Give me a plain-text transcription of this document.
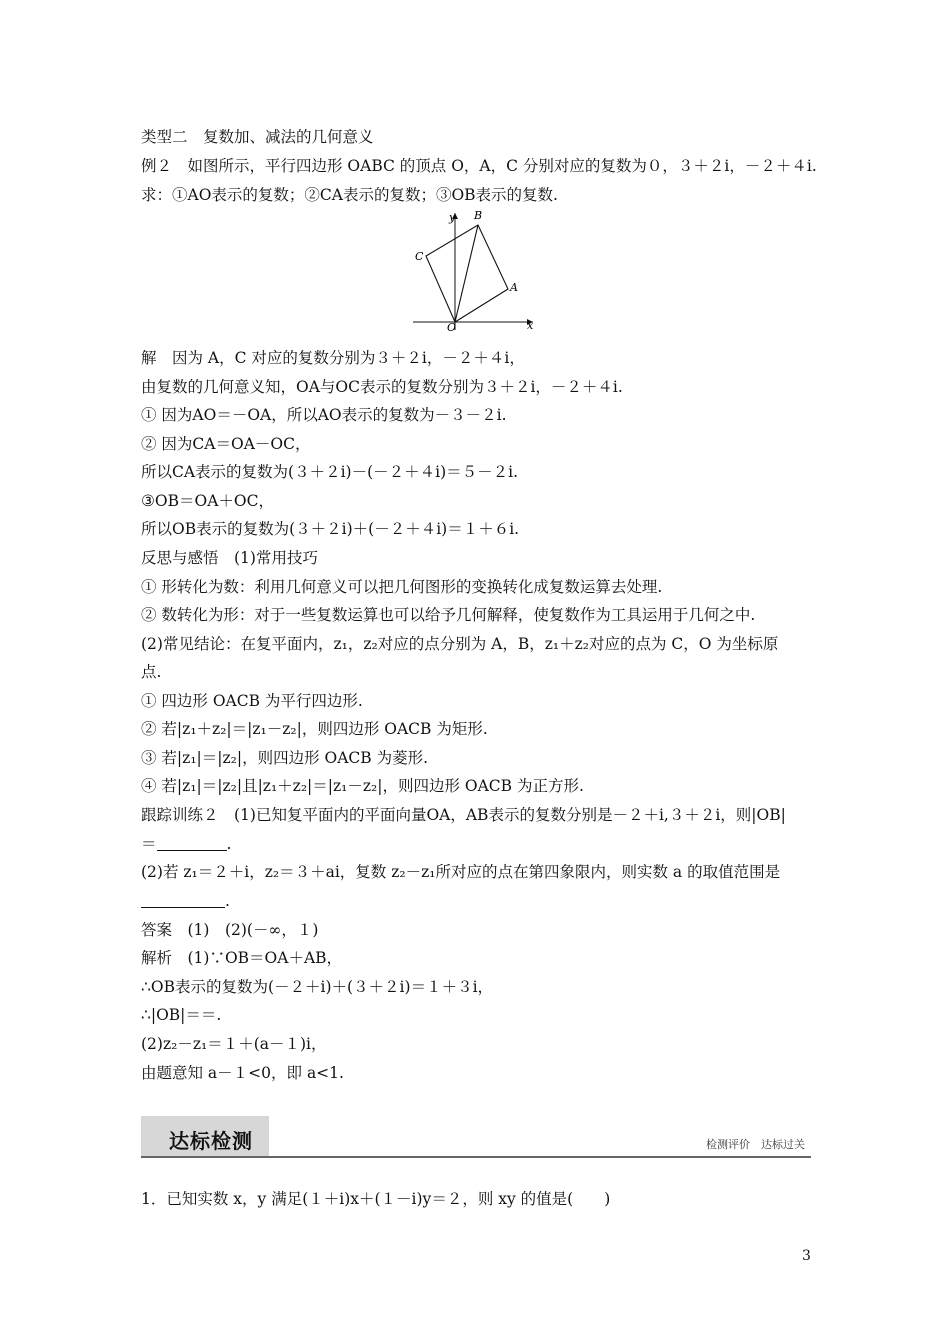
类型二　复数加、减法的几何意义
例２　如图所示，平行四边形 OABC 的顶点 O，A，C 分别对应的复数为０，３＋２i，－２＋４i.
求：①AO表示的复数；②CA表示的复数；③OB表示的复数.
y B
C
A
O	x
解　因为 A，C 对应的复数分别为３＋２i，－２＋４i，
由复数的几何意义知，OA与OC表示的复数分别为３＋２i，－２＋４i.
① 因为AO＝－OA，所以AO表示的复数为－３－２i.
② 因为CA＝OA－OC，
所以CA表示的复数为(３＋２i)－(－２＋４i)＝５－２i.
③OB＝OA＋OC，
所以OB表示的复数为(３＋２i)＋(－２＋４i)＝１＋６i.
反思与感悟　(1)常用技巧
① 形转化为数：利用几何意义可以把几何图形的变换转化成复数运算去处理.
② 数转化为形：对于一些复数运算也可以给予几何解释，使复数作为工具运用于几何之中.
(2)常见结论：在复平面内，z₁，z₂对应的点分别为 A，B，z₁＋z₂对应的点为 C，O 为坐标原
点.
① 四边形 OACB 为平行四边形.
② 若|z₁＋z₂|＝|z₁－z₂|，则四边形 OACB 为矩形.
③ 若|z₁|＝|z₂|，则四边形 OACB 为菱形.
④ 若|z₁|＝|z₂|且|z₁＋z₂|＝|z₁－z₂|，则四边形 OACB 为正方形.
跟踪训练２　(1)已知复平面内的平面向量OA，AB表示的复数分别是－２＋i,３＋２i，则|OB|
＝	.
(2)若 z₁＝２＋i，z₂＝３＋ai，复数 z₂－z₁所对应的点在第四象限内，则实数 a 的取值范围是
.
答案　(1)　(2)(－∞，１)
解析　(1)∵OB＝OA＋AB，
∴OB表示的复数为(－２＋i)＋(３＋２i)＝１＋３i，
∴|OB|＝＝.
(2)z₂－z₁＝１＋(a－１)i，
由题意知 a－１<0，即 a<1.
达标检测	检测评价　达标过关
1．已知实数 x，y 满足(１＋i)x＋(１－i)y＝２，则 xy 的值是(　　)
3
